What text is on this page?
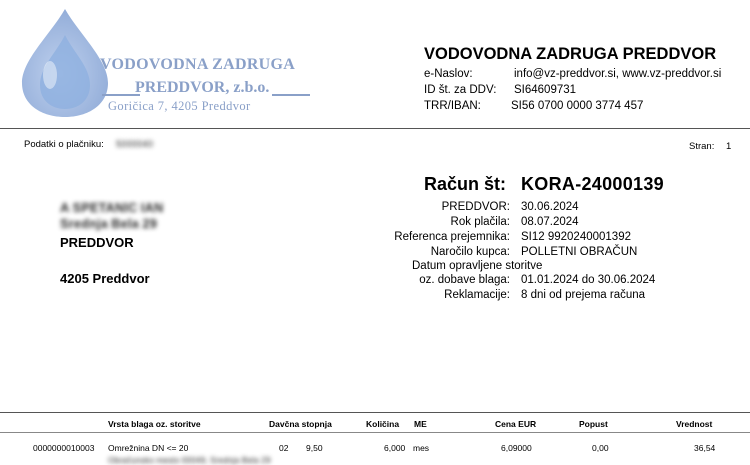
VODOVODNA ZADRUGA
PREDDVOR, z.b.o.
Goričica 7, 4205 Preddvor
VODOVODNA ZADRUGA PREDDVOR
e-Naslov:	info@vz-preddvor.si, www.vz-preddvor.si
ID št. za DDV: SI64609731
TRR/IBAN:	SI56 0700 0000 3774 457
Podatki o plačniku: 5000040	Stran: 1
A SPETANIC IAN
Srednja Bela 29
PREDDVOR
4205 Preddvor
Račun št: KORA-24000139
PREDDVOR: 30.06.2024
Rok plačila: 08.07.2024
Referenca prejemnika: SI12 9920240001392
Naročilo kupca: POLLETNI OBRAČUN
Datum opravljene storitve
oz. dobave blaga: 01.01.2024 do 30.06.2024
Reklamacije: 8 dni od prejema računa
Vrsta blaga oz. storitve	Davčna stopnja	Količina ME	Cena EUR	Popust	Vrednost
0000000010003 Omrežnina DN <= 20	02 9,50	6,000 mes	6,09000	0,00	36,54
Obračunsko mesto 00049, Srednja Bela 29
